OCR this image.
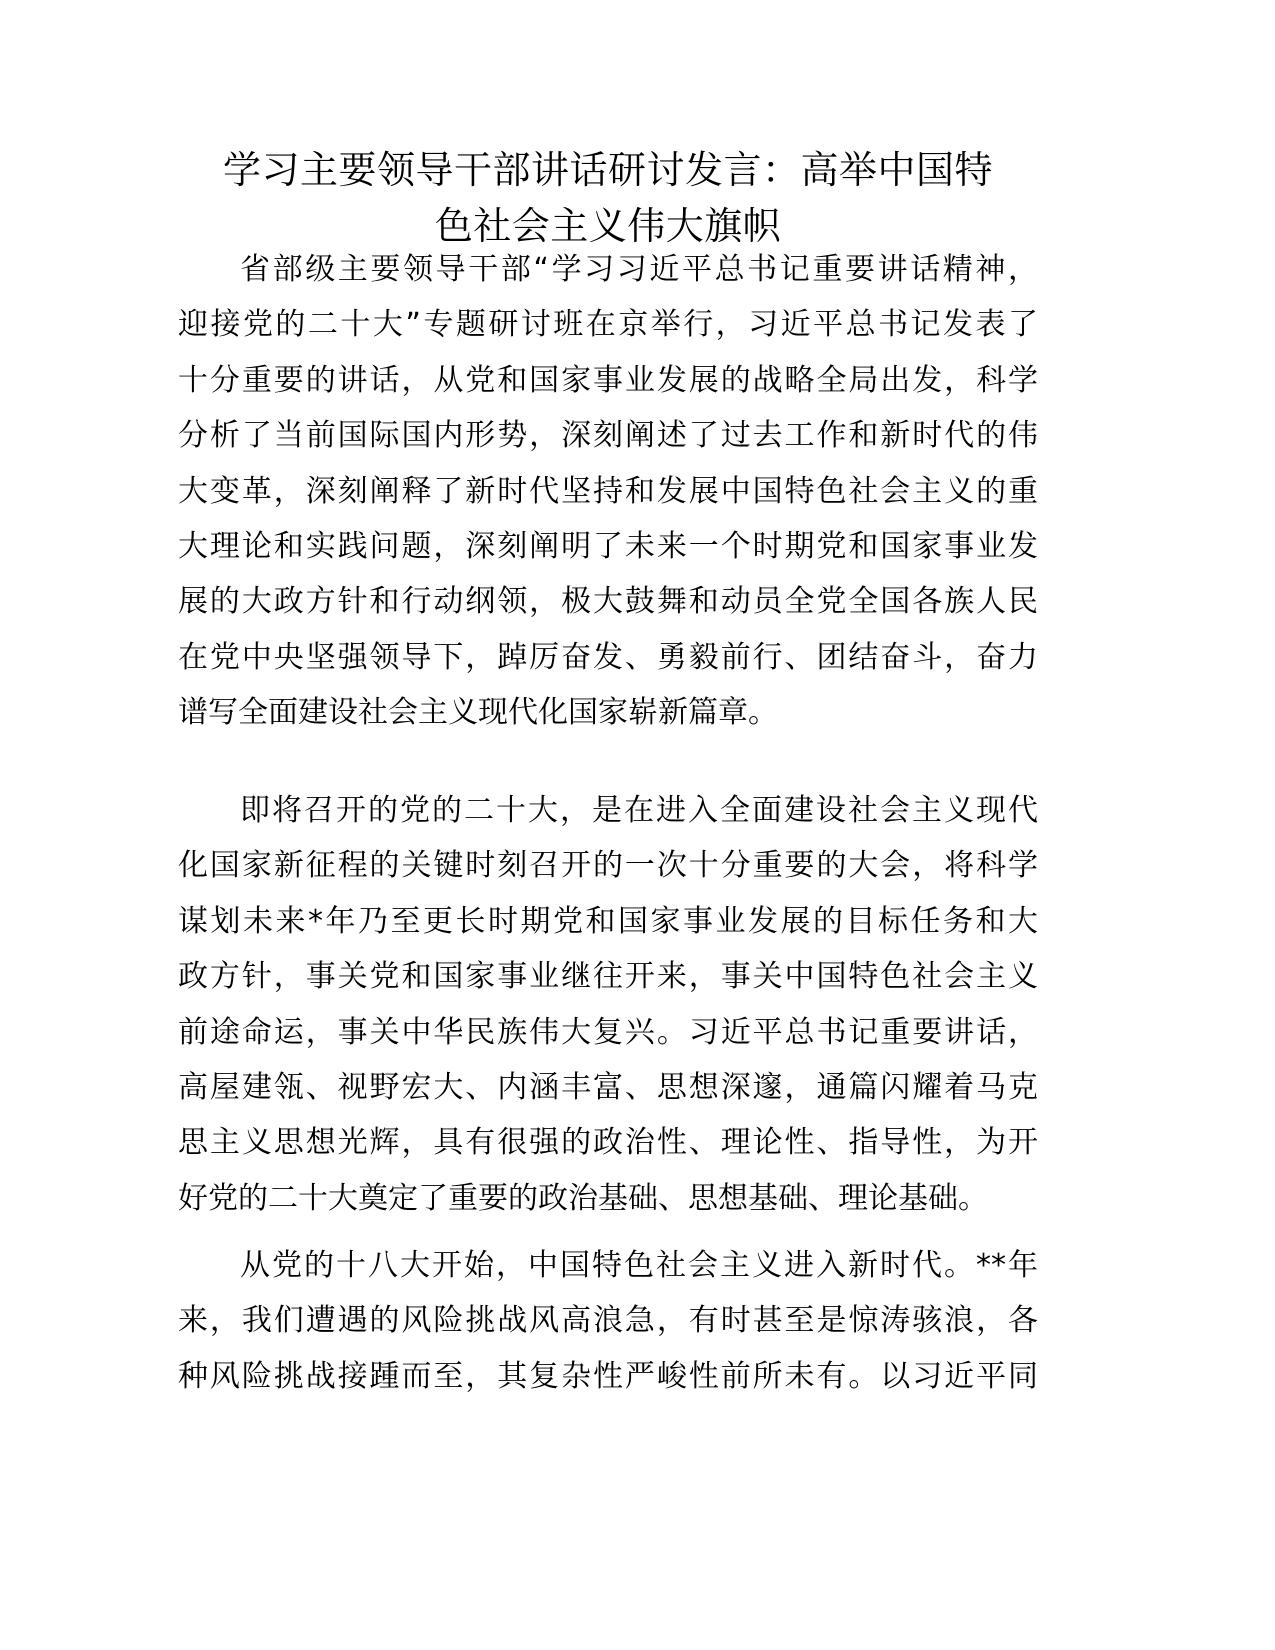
学习主要领导干部讲话研讨发言：高举中国特
色社会主义伟大旗帜

省部级主要领导干部“学习习近平总书记重要讲话精神，
迎接党的二十大”专题研讨班在京举行，习近平总书记发表了
十分重要的讲话，从党和国家事业发展的战略全局出发，科学
分析了当前国际国内形势，深刻阐述了过去工作和新时代的伟
大变革，深刻阐释了新时代坚持和发展中国特色社会主义的重
大理论和实践问题，深刻阐明了未来一个时期党和国家事业发
展的大政方针和行动纲领，极大鼓舞和动员全党全国各族人民
在党中央坚强领导下，踔厉奋发、勇毅前行、团结奋斗，奋力
谱写全面建设社会主义现代化国家崭新篇章。

即将召开的党的二十大，是在进入全面建设社会主义现代
化国家新征程的关键时刻召开的一次十分重要的大会，将科学
谋划未来*年乃至更长时期党和国家事业发展的目标任务和大
政方针，事关党和国家事业继往开来，事关中国特色社会主义
前途命运，事关中华民族伟大复兴。习近平总书记重要讲话，
高屋建瓴、视野宏大、内涵丰富、思想深邃，通篇闪耀着马克
思主义思想光辉，具有很强的政治性、理论性、指导性，为开
好党的二十大奠定了重要的政治基础、思想基础、理论基础。

从党的十八大开始，中国特色社会主义进入新时代。**年
来，我们遭遇的风险挑战风高浪急，有时甚至是惊涛骇浪，各
种风险挑战接踵而至，其复杂性严峻性前所未有。以习近平同
